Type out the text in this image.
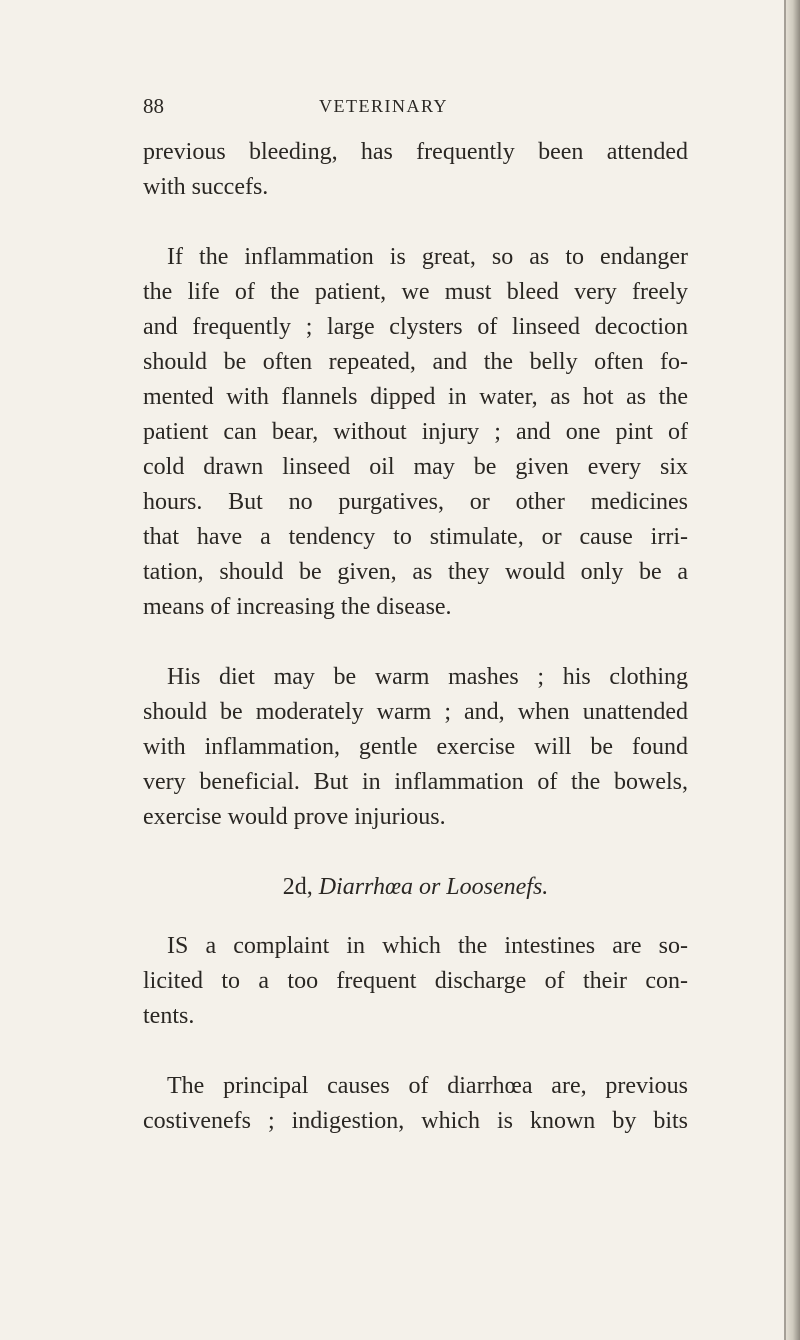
88	VETERINARY
previous bleeding, has frequently been attended
with succefs.
If the inflammation is great, so as to endanger
the life of the patient, we must bleed very freely
and frequently ; large clysters of linseed decoction
should be often repeated, and the belly often fo-
mented with flannels dipped in water, as hot as the
patient can bear, without injury ; and one pint of
cold drawn linseed oil may be given every six
hours. But no purgatives, or other medicines
that have a tendency to stimulate, or cause irri-
tation, should be given, as they would only be a
means of increasing the disease.
His diet may be warm mashes ; his clothing
should be moderately warm ; and, when unattended
with inflammation, gentle exercise will be found
very beneficial. But in inflammation of the bowels,
exercise would prove injurious.
2d, Diarrhœa or Loosenefs.
IS a complaint in which the intestines are so-
licited to a too frequent discharge of their con-
tents.
The principal causes of diarrhœa are, previous
costivenefs ; indigestion, which is known by bits
